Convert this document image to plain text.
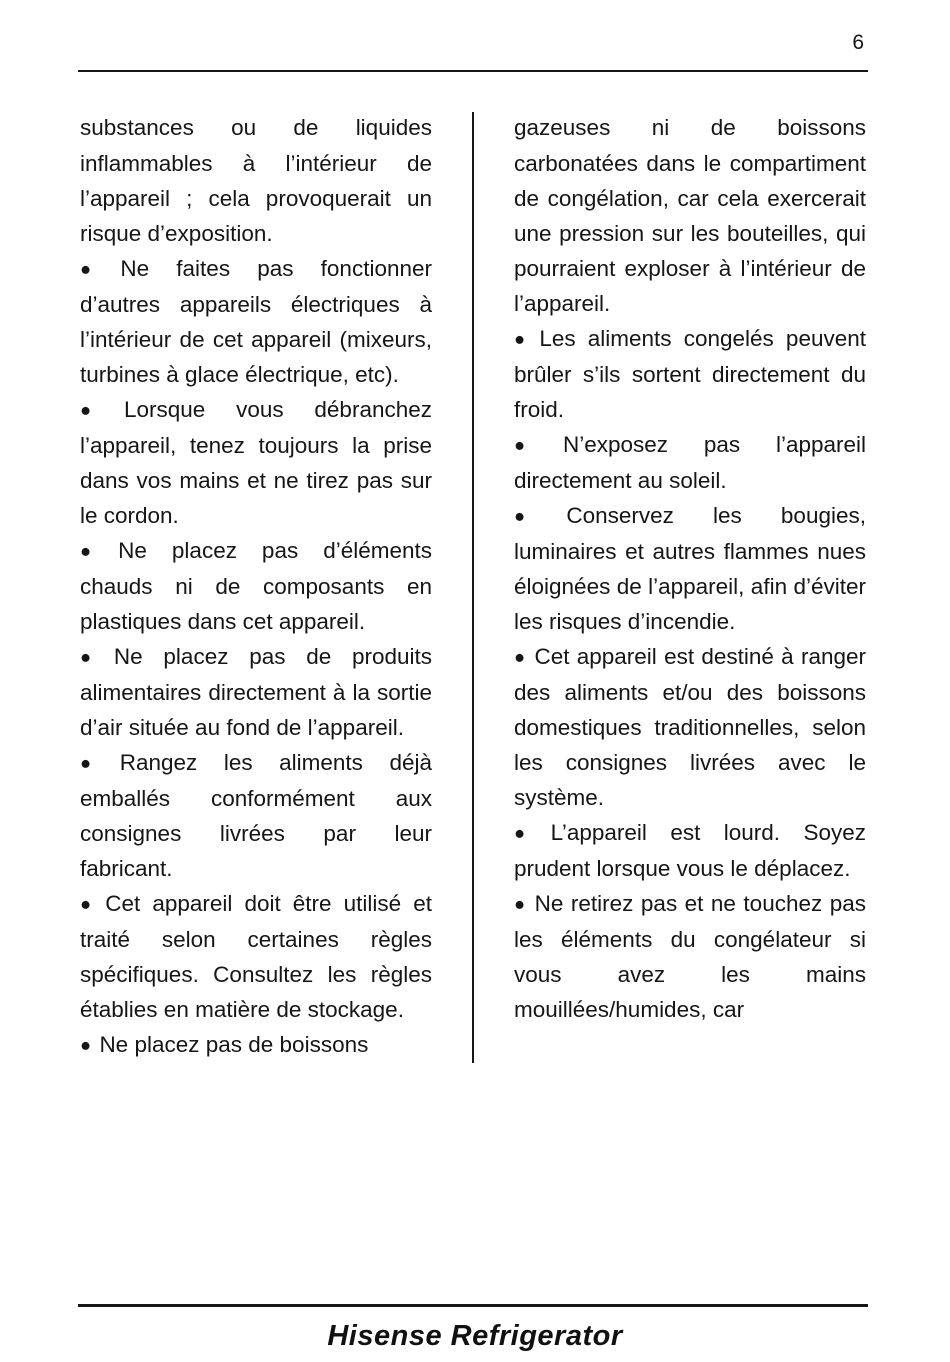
6

substances ou de liquides inflammables à l’intérieur de l’appareil ; cela provoquerait un risque d’exposition.

● Ne faites pas fonctionner d’autres appareils électriques à l’intérieur de cet appareil (mixeurs, turbines à glace électrique, etc).

● Lorsque vous débranchez l’appareil, tenez toujours la prise dans vos mains et ne tirez pas sur le cordon.

● Ne placez pas d’éléments chauds ni de composants en plastiques dans cet appareil.

● Ne placez pas de produits alimentaires directement à la sortie d’air située au fond de l’appareil.

● Rangez les aliments déjà emballés conformément aux consignes livrées par leur fabricant.

● Cet appareil doit être utilisé et traité selon certaines règles spécifiques. Consultez les règles établies en matière de stockage.

● Ne placez pas de boissons

gazeuses ni de boissons carbonatées dans le compartiment de congélation, car cela exercerait une pression sur les bouteilles, qui pourraient exploser à l’intérieur de l’appareil.

● Les aliments congelés peuvent brûler s’ils sortent directement du froid.

● N’exposez pas l’appareil directement au soleil.

● Conservez les bougies, luminaires et autres flammes nues éloignées de l’appareil, afin d’éviter les risques d’incendie.

● Cet appareil est destiné à ranger des aliments et/ou des boissons domestiques traditionnelles, selon les consignes livrées avec le système.

● L’appareil est lourd. Soyez prudent lorsque vous le déplacez.

● Ne retirez pas et ne touchez pas les éléments du congélateur si vous avez les mains mouillées/humides, car

Hisense Refrigerator
